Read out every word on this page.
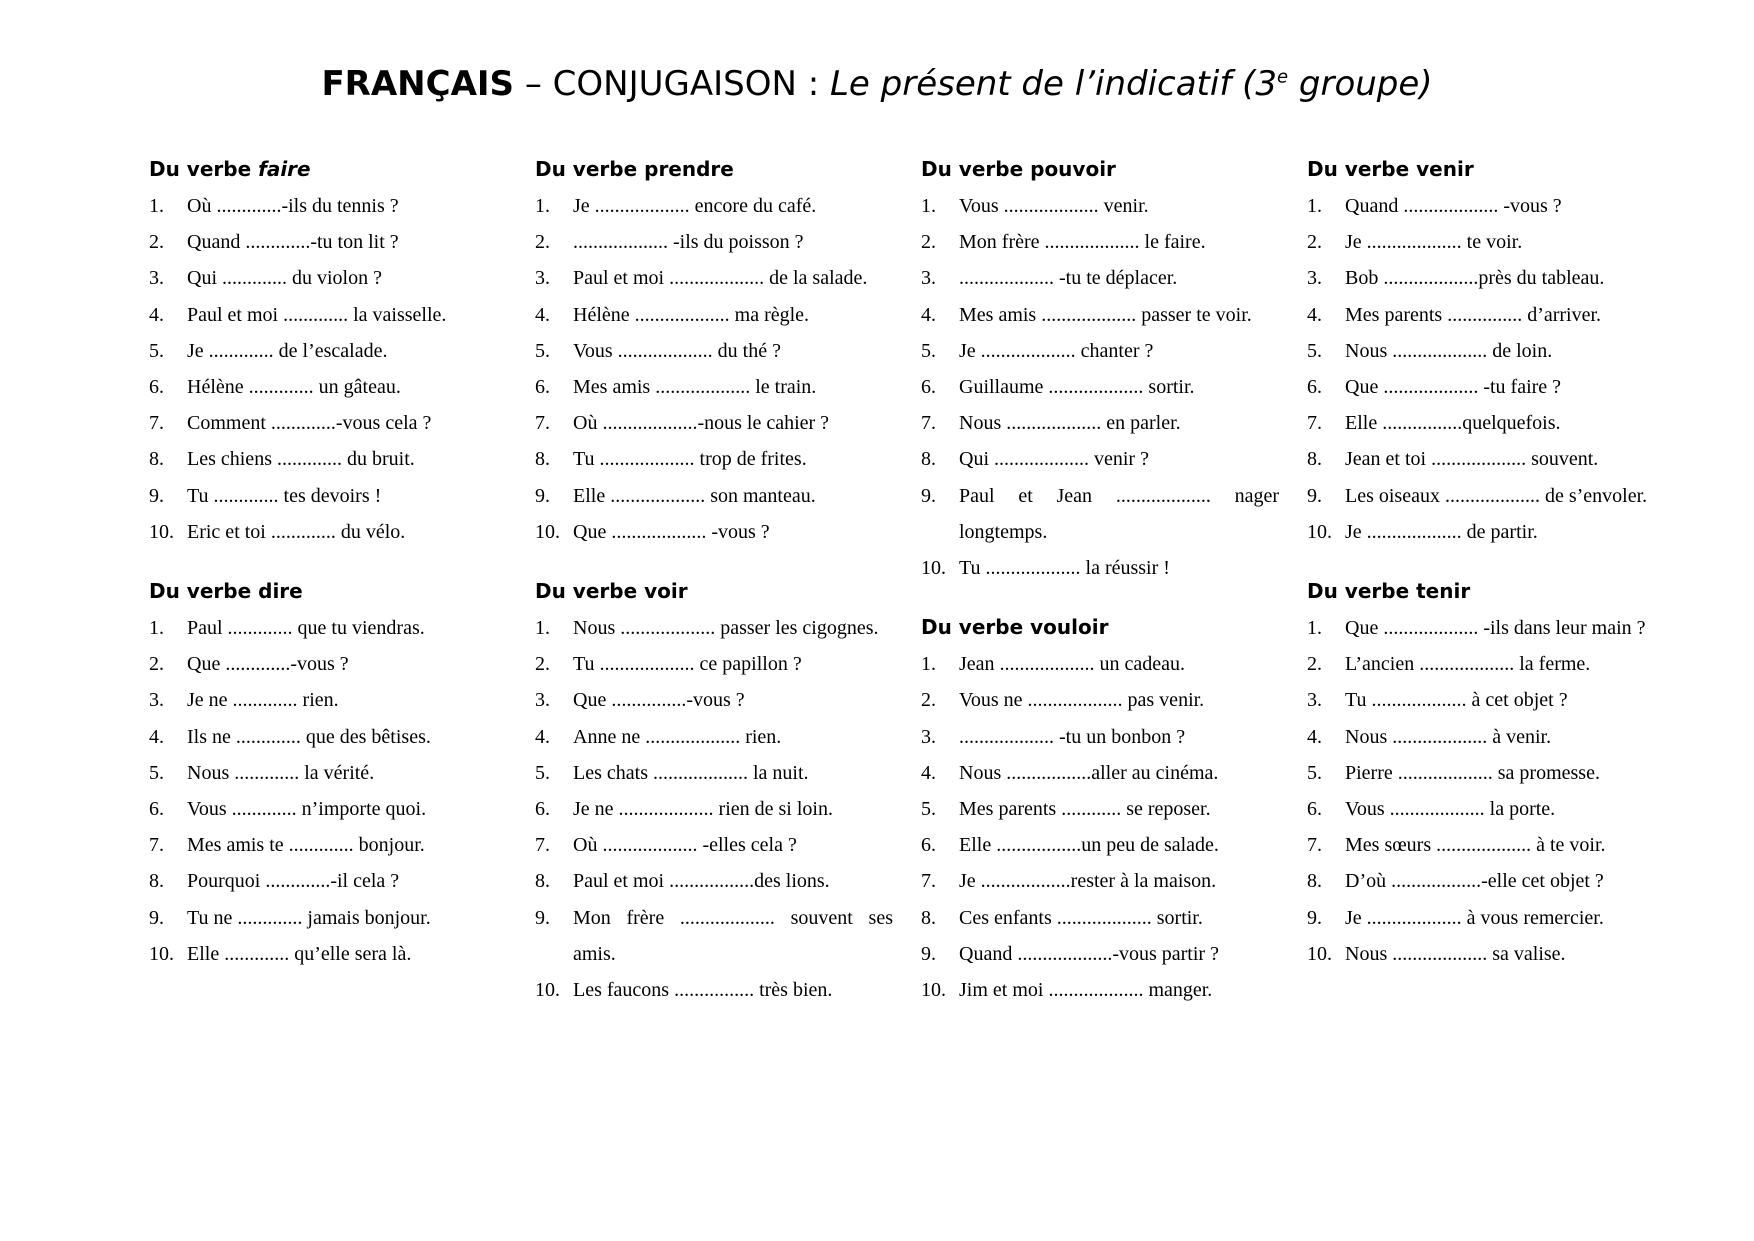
FRANÇAIS – CONJUGAISON : Le présent de l’indicatif (3e groupe)
Du verbe faire
1. Où .............-ils du tennis ?
2. Quand .............-tu ton lit ?
3. Qui ............. du violon ?
4. Paul et moi ............. la vaisselle.
5. Je ............. de l’escalade.
6. Hélène ............. un gâteau.
7. Comment .............-vous cela ?
8. Les chiens ............. du bruit.
9. Tu ............. tes devoirs !
10. Eric et toi ............. du vélo.
Du verbe dire
1. Paul ............. que tu viendras.
2. Que .............-vous ?
3. Je ne ............. rien.
4. Ils ne ............. que des bêtises.
5. Nous ............. la vérité.
6. Vous ............. n’importe quoi.
7. Mes amis te ............. bonjour.
8. Pourquoi .............-il cela ?
9. Tu ne ............. jamais bonjour.
10. Elle ............. qu’elle sera là.
Du verbe prendre
1. Je ................... encore du café.
2. ................... -ils du poisson ?
3. Paul et moi ................... de la salade.
4. Hélène ................... ma règle.
5. Vous ................... du thé ?
6. Mes amis ................... le train.
7. Où ...................-nous le cahier ?
8. Tu ................... trop de frites.
9. Elle ................... son manteau.
10. Que ................... -vous ?
Du verbe voir
1. Nous ................... passer les cigognes.
2. Tu ................... ce papillon ?
3. Que ...............-vous ?
4. Anne ne ................... rien.
5. Les chats ................... la nuit.
6. Je ne ................... rien de si loin.
7. Où ................... -elles cela ?
8. Paul et moi .................des lions.
9. Mon frère ................... souvent ses amis.
10. Les faucons ................ très bien.
Du verbe pouvoir
1. Vous ................... venir.
2. Mon frère ................... le faire.
3. ................... -tu te déplacer.
4. Mes amis ................... passer te voir.
5. Je ................... chanter ?
6. Guillaume ................... sortir.
7. Nous ................... en parler.
8. Qui ................... venir ?
9. Paul et Jean ................... nager longtemps.
10. Tu ................... la réussir !
Du verbe vouloir
1. Jean ................... un cadeau.
2. Vous ne ................... pas venir.
3. ................... -tu un bonbon ?
4. Nous .................aller au cinéma.
5. Mes parents ............ se reposer.
6. Elle .................un peu de salade.
7. Je ..................rester à la maison.
8. Ces enfants ................... sortir.
9. Quand ...................-vous partir ?
10. Jim et moi ................... manger.
Du verbe venir
1. Quand ................... -vous ?
2. Je ................... te voir.
3. Bob ...................près du tableau.
4. Mes parents ............... d’arriver.
5. Nous ................... de loin.
6. Que ................... -tu faire ?
7. Elle ................quelquefois.
8. Jean et toi ................... souvent.
9. Les oiseaux ................... de s’envoler.
10. Je ................... de partir.
Du verbe tenir
1. Que ................... -ils dans leur main ?
2. L’ancien ................... la ferme.
3. Tu ................... à cet objet ?
4. Nous ................... à venir.
5. Pierre ................... sa promesse.
6. Vous ................... la porte.
7. Mes sœurs ................... à te voir.
8. D’où ..................-elle cet objet ?
9. Je ................... à vous remercier.
10. Nous ................... sa valise.
